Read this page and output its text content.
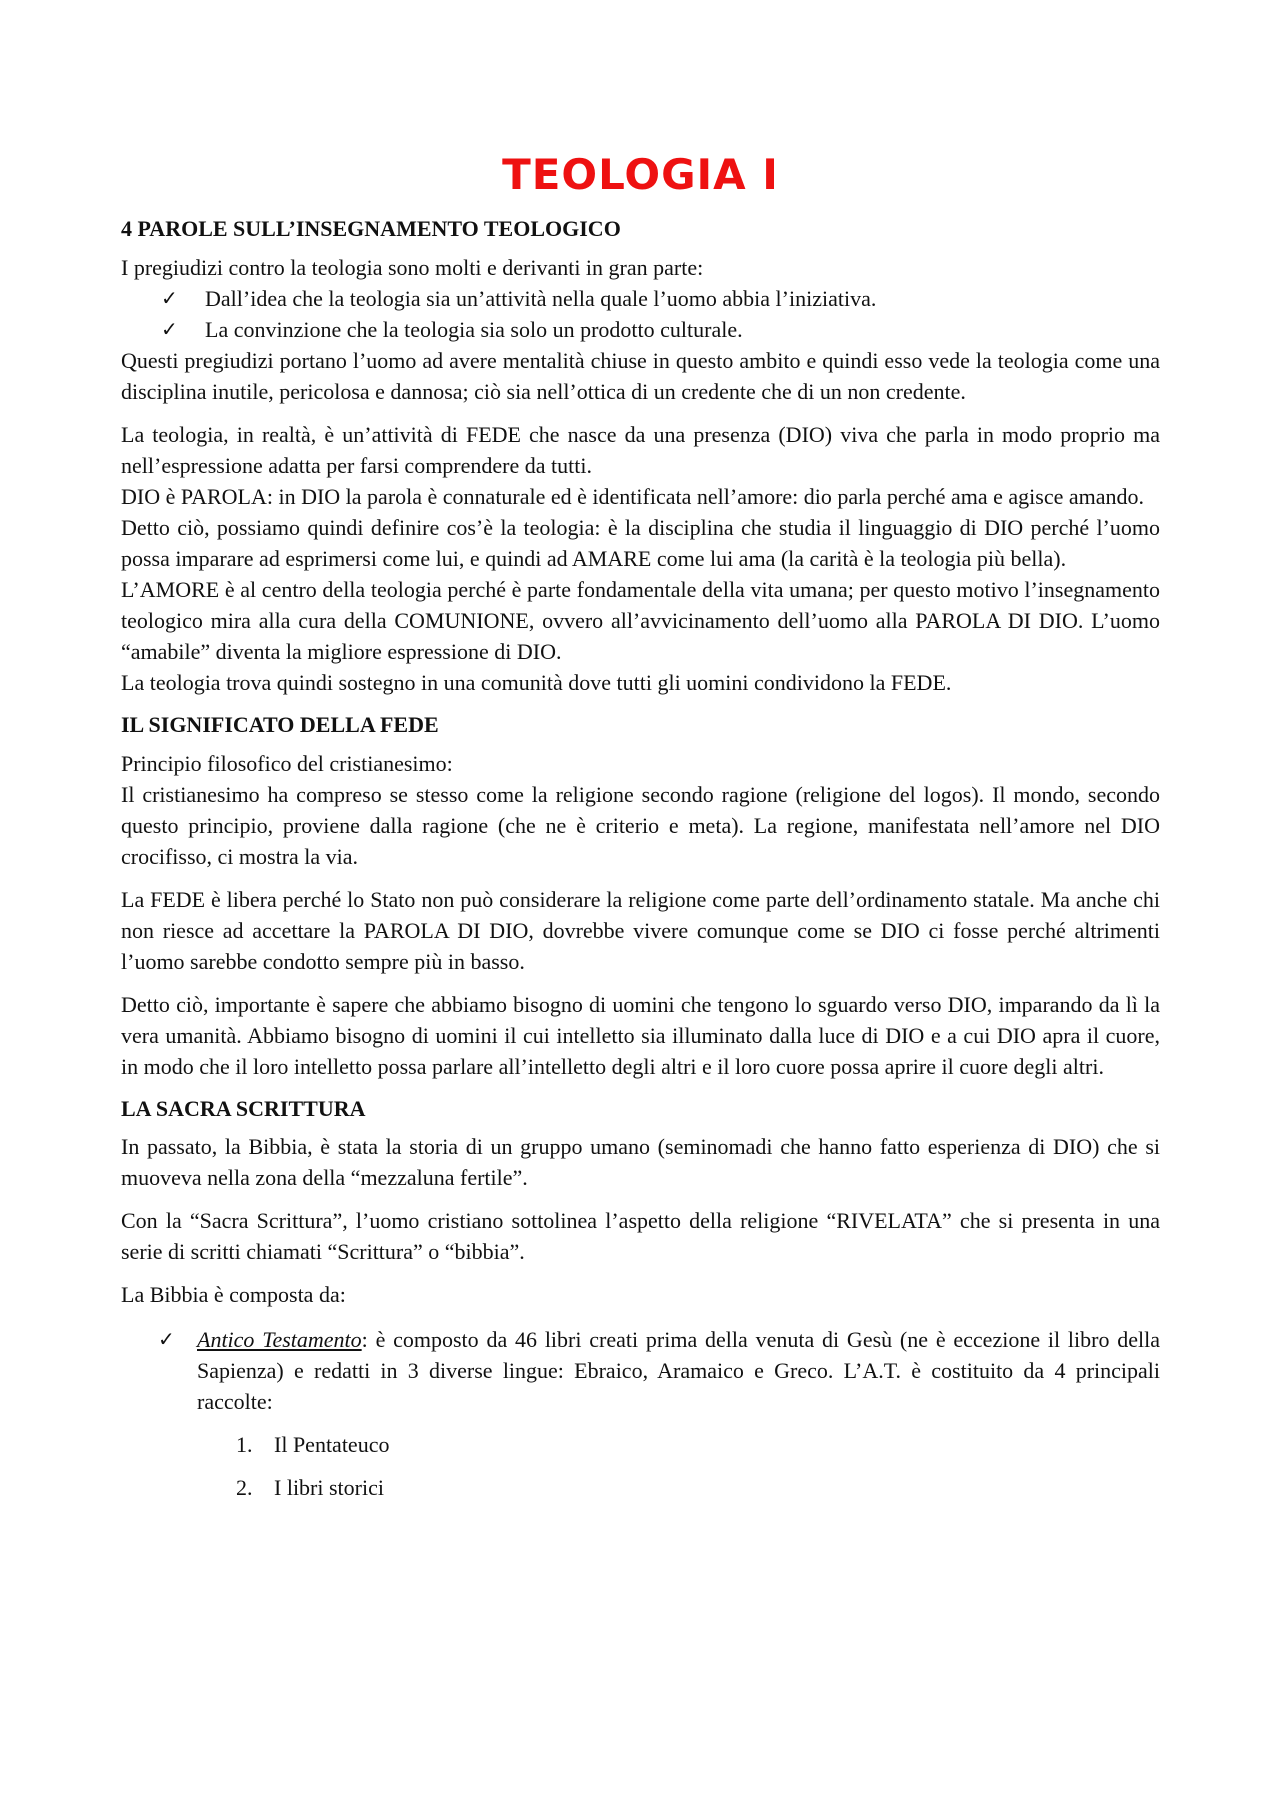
TEOLOGIA I
4 PAROLE SULL’INSEGNAMENTO TEOLOGICO

I pregiudizi contro la teologia sono molti e derivanti in gran parte:

✓ Dall’idea che la teologia sia un’attività nella quale l’uomo abbia l’iniziativa.
✓ La convinzione che la teologia sia solo un prodotto culturale.

Questi pregiudizi portano l’uomo ad avere mentalità chiuse in questo ambito e quindi esso vede la teologia come una disciplina inutile, pericolosa e dannosa; ciò sia nell’ottica di un credente che di un non credente.

La teologia, in realtà, è un’attività di FEDE che nasce da una presenza (DIO) viva che parla in modo proprio ma nell’espressione adatta per farsi comprendere da tutti.

DIO è PAROLA: in DIO la parola è connaturale ed è identificata nell’amore: dio parla perché ama e agisce amando.

Detto ciò, possiamo quindi definire cos’è la teologia: è la disciplina che studia il linguaggio di DIO perché l’uomo possa imparare ad esprimersi come lui, e quindi ad AMARE come lui ama (la carità è la teologia più bella).

L’AMORE è al centro della teologia perché è parte fondamentale della vita umana; per questo motivo l’insegnamento teologico mira alla cura della COMUNIONE, ovvero all’avvicinamento dell’uomo alla PAROLA DI DIO. L’uomo “amabile” diventa la migliore espressione di DIO.

La teologia trova quindi sostegno in una comunità dove tutti gli uomini condividono la FEDE.

IL SIGNIFICATO DELLA FEDE

Principio filosofico del cristianesimo:

Il cristianesimo ha compreso se stesso come la religione secondo ragione (religione del logos). Il mondo, secondo questo principio, proviene dalla ragione (che ne è criterio e meta). La regione, manifestata nell’amore nel DIO crocifisso, ci mostra la via.

La FEDE è libera perché lo Stato non può considerare la religione come parte dell’ordinamento statale. Ma anche chi non riesce ad accettare la PAROLA DI DIO, dovrebbe vivere comunque come se DIO ci fosse perché altrimenti l’uomo sarebbe condotto sempre più in basso.

Detto ciò, importante è sapere che abbiamo bisogno di uomini che tengono lo sguardo verso DIO, imparando da lì la vera umanità. Abbiamo bisogno di uomini il cui intelletto sia illuminato dalla luce di DIO e a cui DIO apra il cuore, in modo che il loro intelletto possa parlare all’intelletto degli altri e il loro cuore possa aprire il cuore degli altri.

LA SACRA SCRITTURA

In passato, la Bibbia, è stata la storia di un gruppo umano (seminomadi che hanno fatto esperienza di DIO) che si muoveva nella zona della “mezzaluna fertile”.

Con la “Sacra Scrittura”, l’uomo cristiano sottolinea l’aspetto della religione “RIVELATA” che si presenta in una serie di scritti chiamati “Scrittura” o “bibbia”.

La Bibbia è composta da:

✓ Antico Testamento: è composto da 46 libri creati prima della venuta di Gesù (ne è eccezione il libro della Sapienza) e redatti in 3 diverse lingue: Ebraico, Aramaico e Greco. L’A.T. è costituito da 4 principali raccolte:
1. Il Pentateuco
2. I libri storici
